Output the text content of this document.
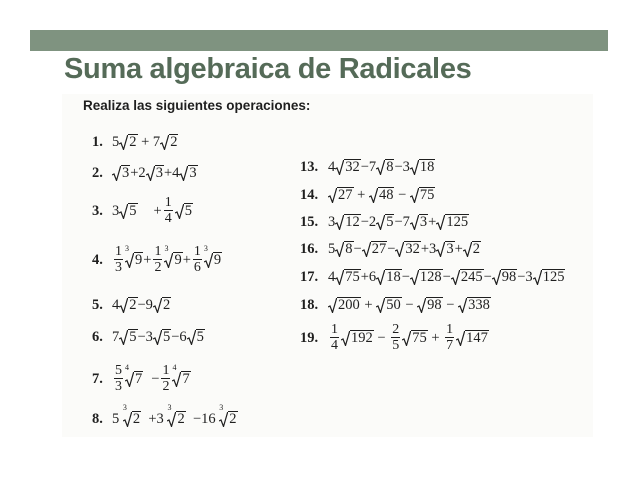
Suma algebraica de Radicales
Realiza las siguientes operaciones:
1. 5 2 + 7 2
2. 3 +2 3 +4 3
3. 3 $5 + \frac{1}{4} 5$
4. $\frac{1}{3} 3$
$9 + \frac{1}{2} 3$
$9 + \frac{1}{6} 3$
9
5. 4 2 −9 2
6. 7 5 −3 5 −6 5
7. $\frac{5}{3} 4$
$7 - \frac{1}{2} 4$
7
8. 5
3
2 +3
3
2 −16
3
2
13. 4 32 −7 8 −3 18
14. 27 + 48 − 75
15. 3 12 −2 5 −7 3 + 125
16. 5 8 − 27 − 32 +3 3 + 2
17. 4 75 +6 18 − 128 − 245 − 98 −3 125
18. 200 + 50 − 98 − 338
19. $\frac{1}{4} 192 - \frac{2}{5} 75 + \frac{1}{7} 147$
